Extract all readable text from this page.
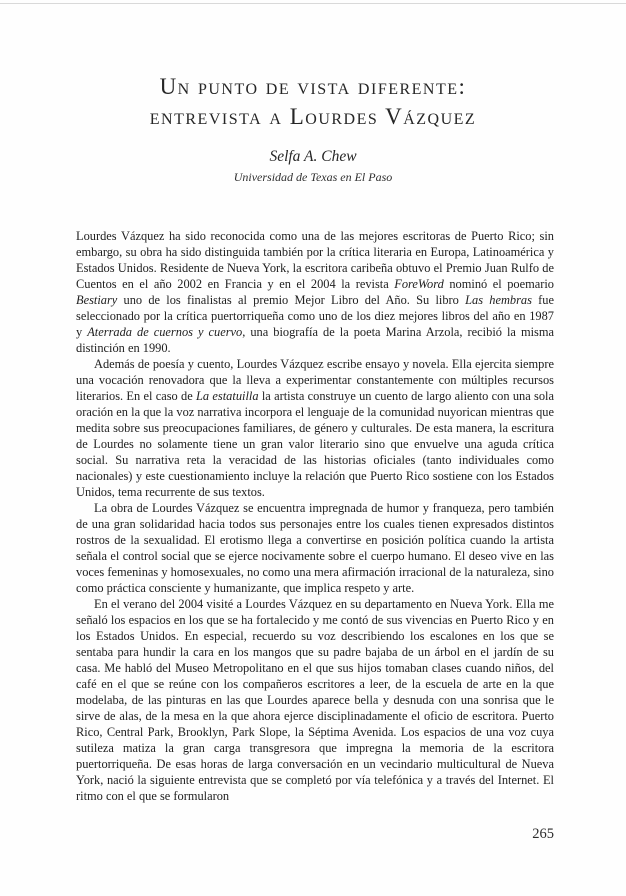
Un punto de vista diferente:
entrevista a Lourdes Vázquez
Selfa A. Chew
Universidad de Texas en El Paso

Lourdes Vázquez ha sido reconocida como una de las mejores escritoras de Puerto Rico; sin embargo, su obra ha sido distinguida también por la crítica literaria en Europa, Latinoamérica y Estados Unidos. Residente de Nueva York, la escritora caribeña obtuvo el Premio Juan Rulfo de Cuentos en el año 2002 en Francia y en el 2004 la revista ForeWord nominó el poemario Bestiary uno de los finalistas al premio Mejor Libro del Año. Su libro Las hembras fue seleccionado por la crítica puertorriqueña como uno de los diez mejores libros del año en 1987 y Aterrada de cuernos y cuervo, una biografía de la poeta Marina Arzola, recibió la misma distinción en 1990.

Además de poesía y cuento, Lourdes Vázquez escribe ensayo y novela. Ella ejercita siempre una vocación renovadora que la lleva a experimentar constantemente con múltiples recursos literarios. En el caso de La estatuilla la artista construye un cuento de largo aliento con una sola oración en la que la voz narrativa incorpora el lenguaje de la comunidad nuyorican mientras que medita sobre sus preocupaciones familiares, de género y culturales. De esta manera, la escritura de Lourdes no solamente tiene un gran valor literario sino que envuelve una aguda crítica social. Su narrativa reta la veracidad de las historias oficiales (tanto individuales como nacionales) y este cuestionamiento incluye la relación que Puerto Rico sostiene con los Estados Unidos, tema recurrente de sus textos.

La obra de Lourdes Vázquez se encuentra impregnada de humor y franqueza, pero también de una gran solidaridad hacia todos sus personajes entre los cuales tienen expresados distintos rostros de la sexualidad. El erotismo llega a convertirse en posición política cuando la artista señala el control social que se ejerce nocivamente sobre el cuerpo humano. El deseo vive en las voces femeninas y homosexuales, no como una mera afirmación irracional de la naturaleza, sino como práctica consciente y humanizante, que implica respeto y arte.

En el verano del 2004 visité a Lourdes Vázquez en su departamento en Nueva York. Ella me señaló los espacios en los que se ha fortalecido y me contó de sus vivencias en Puerto Rico y en los Estados Unidos. En especial, recuerdo su voz describiendo los escalones en los que se sentaba para hundir la cara en los mangos que su padre bajaba de un árbol en el jardín de su casa. Me habló del Museo Metropolitano en el que sus hijos tomaban clases cuando niños, del café en el que se reúne con los compañeros escritores a leer, de la escuela de arte en la que modelaba, de las pinturas en las que Lourdes aparece bella y desnuda con una sonrisa que le sirve de alas, de la mesa en la que ahora ejerce disciplinadamente el oficio de escritora. Puerto Rico, Central Park, Brooklyn, Park Slope, la Séptima Avenida. Los espacios de una voz cuya sutileza matiza la gran carga transgresora que impregna la memoria de la escritora puertorriqueña. De esas horas de larga conversación en un vecindario multicultural de Nueva York, nació la siguiente entrevista que se completó por vía telefónica y a través del Internet. El ritmo con el que se formularon

265
